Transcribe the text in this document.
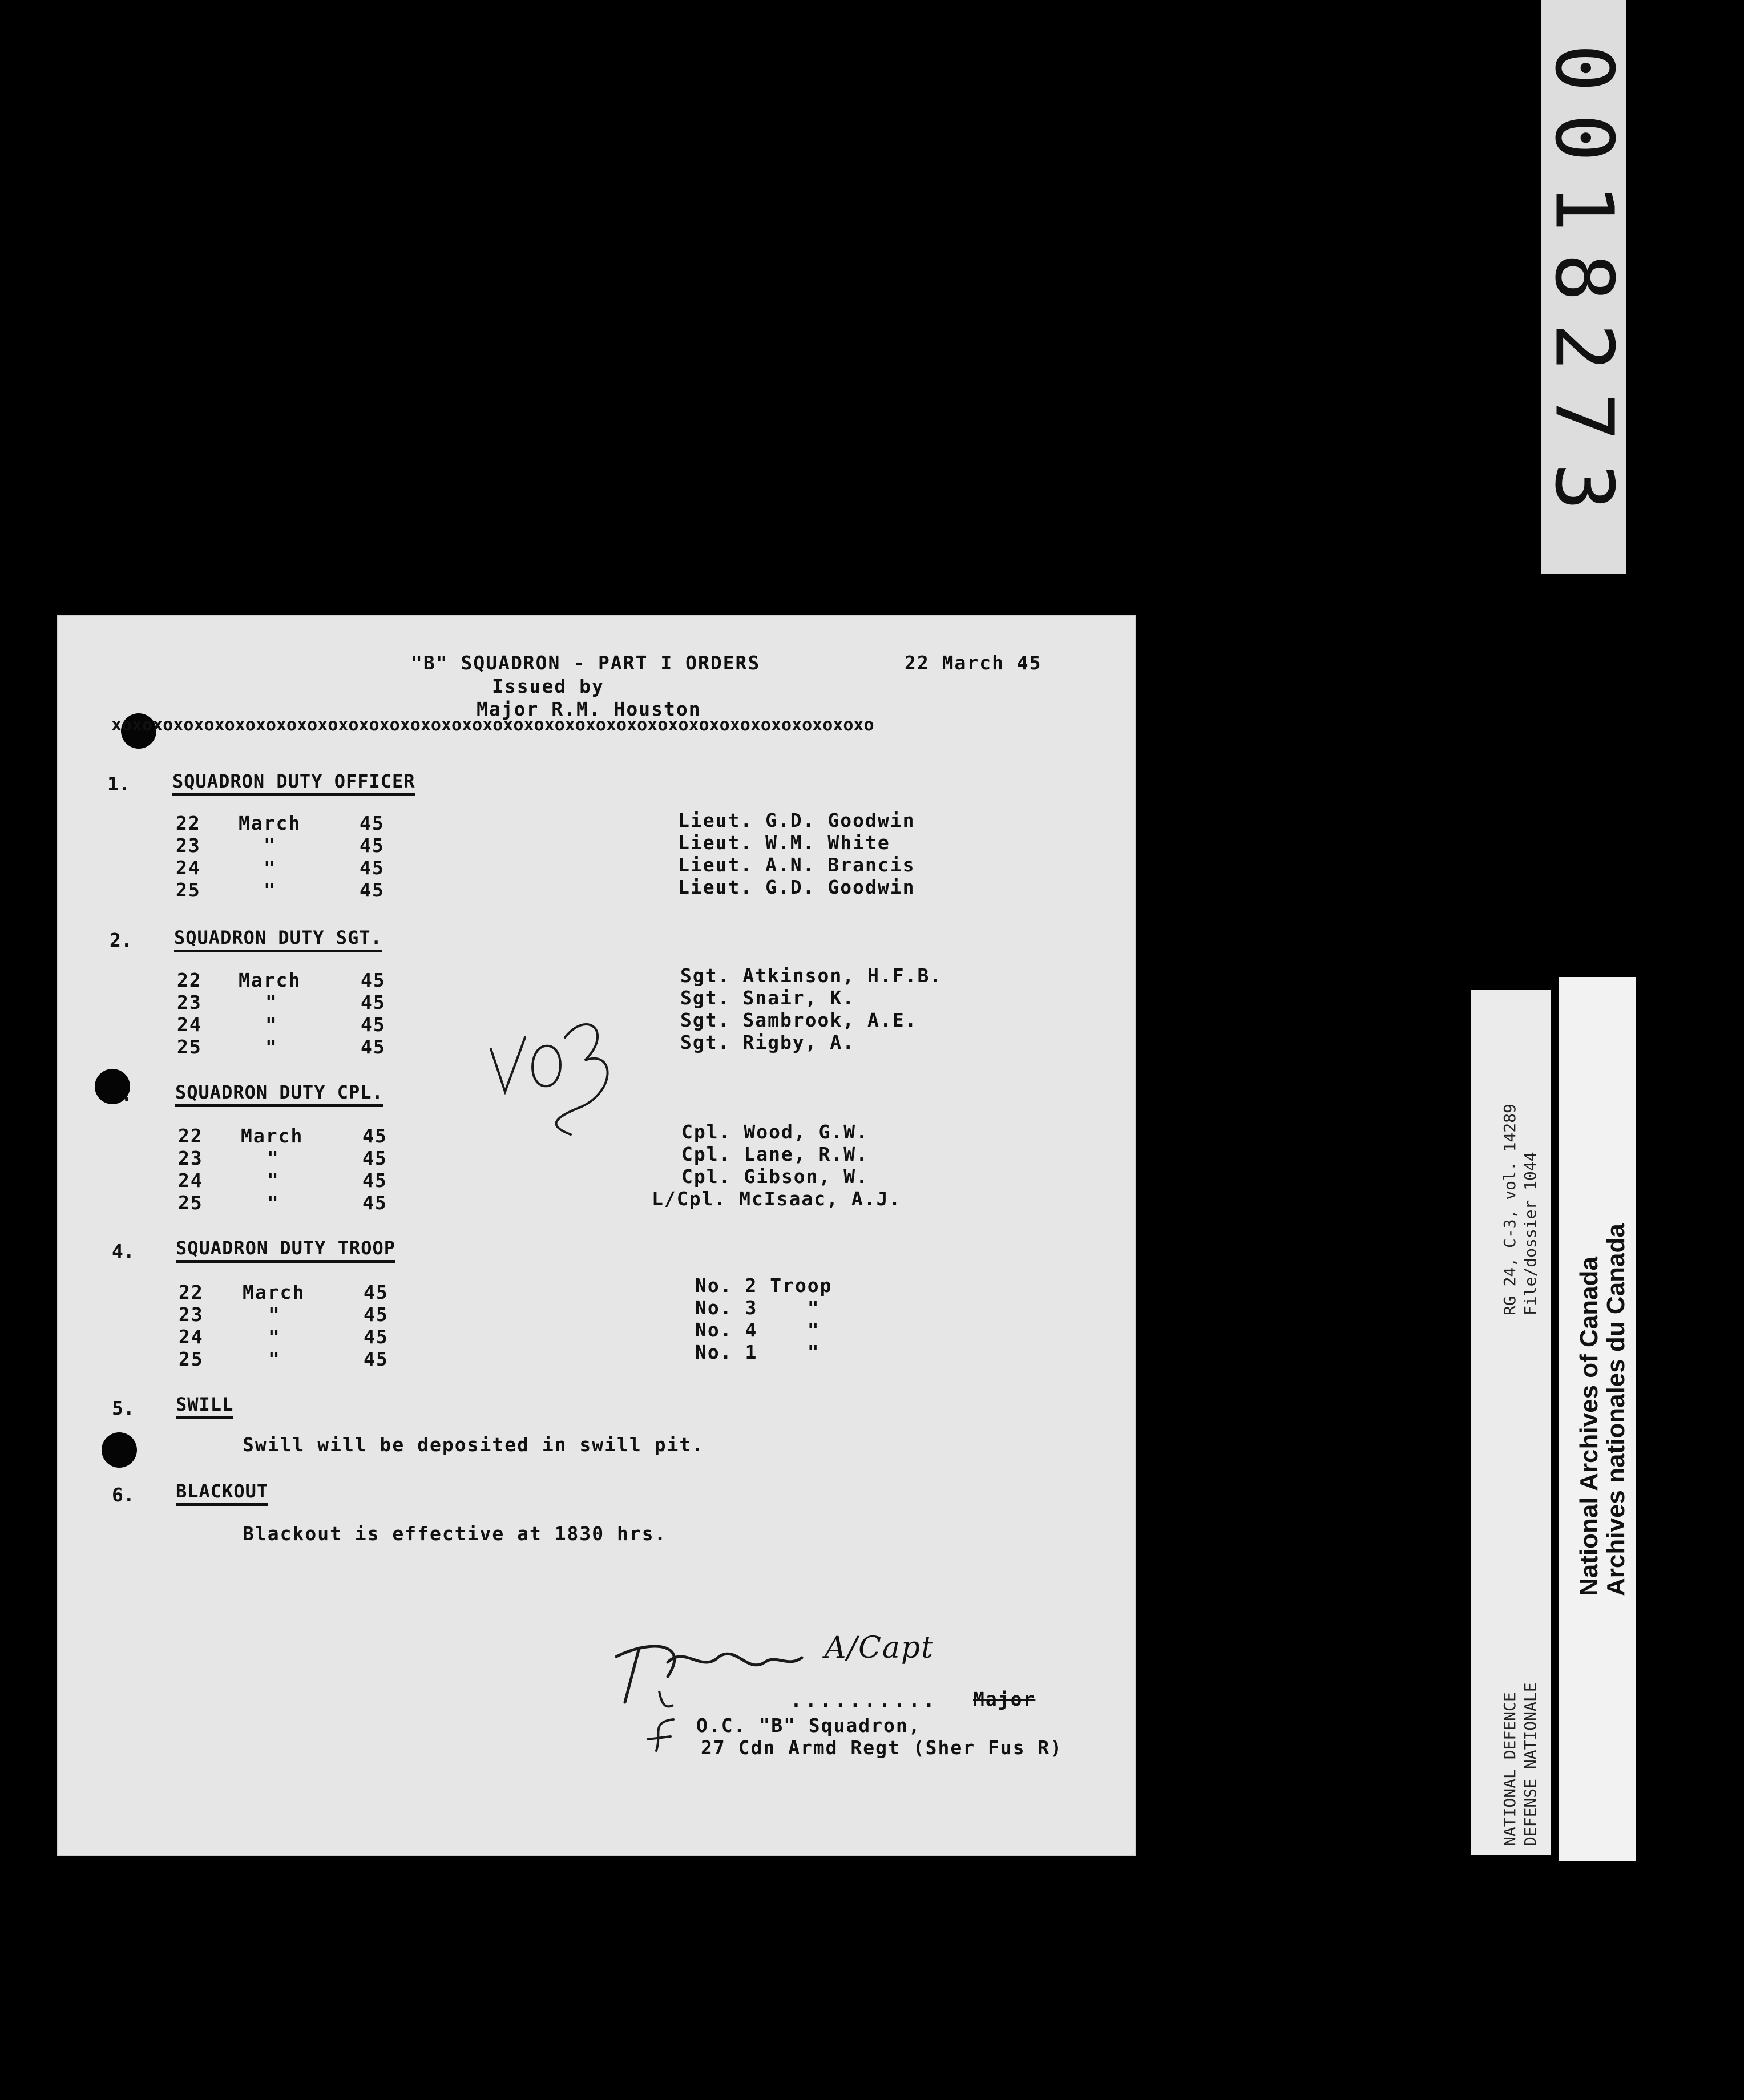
"B" SQUADRON - PART I ORDERS	22 March 45
Issued by
Major R.M. Houston
xoxoxoxoxoxoxoxoxoxoxoxoxoxoxoxoxoxoxoxoxoxoxoxoxoxoxoxoxoxoxoxoxoxoxoxoxo
1. SQUADRON DUTY OFFICER
22 March	45	Lieut. G.D. Goodwin
23	"	45	Lieut. W.M. White
24	"	45	Lieut. A.N. Brancis
25	"	45	Lieut. G.D. Goodwin
2. SQUADRON DUTY SGT.
22 March	45	Sgt. Atkinson, H.F.B.
23	"	45	Sgt. Snair, K.
24	"	45	Sgt. Sambrook, A.E.
25	"	45	Sgt. Rigby, A.
. SQUADRON DUTY CPL.
22 March	45	Cpl. Wood, G.W.
23	"	45	Cpl. Lane, R.W.
24	"	45	Cpl. Gibson, W.
25	"	45	L/Cpl. McIsaac, A.J.
4. SQUADRON DUTY TROOP
22 March	45	No. 2 Troop
23	"	45	No. 3    "
24	"	45	No. 4    "
25	"	45	No. 1    "
5. SWILL
Swill will be deposited in swill pit.
6. BLACKOUT
Blackout is effective at 1830 hrs.
A/Capt
.......... Major
O.C. "B" Squadron,
27 Cdn Armd Regt (Sher Fus R)
0018273
RG 24, C-3, vol. 14289 File/dossier 1044
NATIONAL DEFENCE DEFENSE NATIONALE
National Archives of Canada
Archives nationales du Canada
